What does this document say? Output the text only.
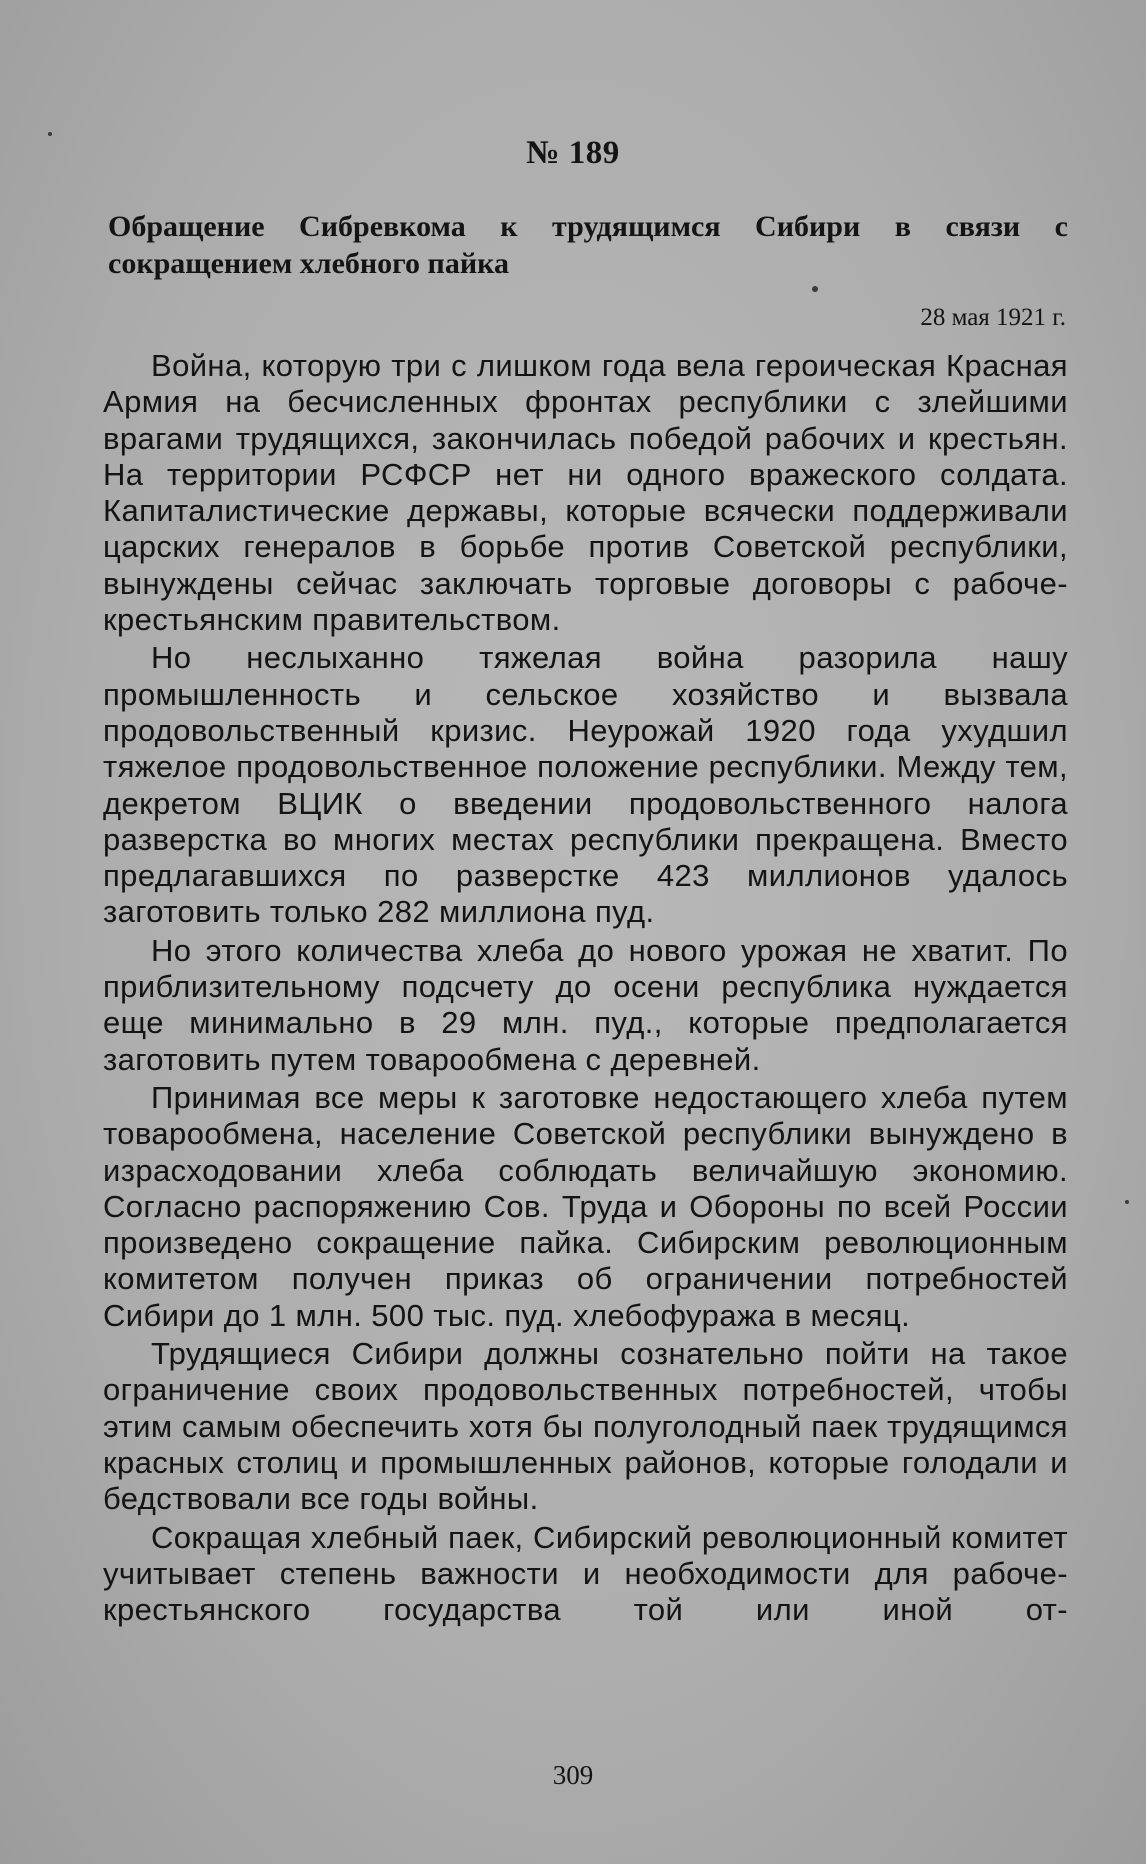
№ 189
Обращение Сибревкома к трудящимся Сибири в связи с сокращением хлебного пайка
28 мая 1921 г.

Война, которую три с лишком года вела героическая Красная Армия на бесчисленных фронтах республики с злейшими врагами трудящихся, закончилась победой рабочих и крестьян. На территории РСФСР нет ни одного вражеского солдата. Капиталистические державы, которые всячески поддерживали царских генералов в борьбе против Советской республики, вынуждены сейчас заключать торговые договоры с рабоче-крестьянским правительством.

Но неслыханно тяжелая война разорила нашу промышленность и сельское хозяйство и вызвала продовольственный кризис. Неурожай 1920 года ухудшил тяжелое продовольственное положение республики. Между тем, декретом ВЦИК о введении продовольственного налога разверстка во многих местах республики прекращена. Вместо предлагавшихся по разверстке 423 миллионов удалось заготовить только 282 миллиона пуд.

Но этого количества хлеба до нового урожая не хватит. По приблизительному подсчету до осени республика нуждается еще минимально в 29 млн. пуд., которые предполагается заготовить путем товарообмена с деревней.

Принимая все меры к заготовке недостающего хлеба путем товарообмена, население Советской республики вынуждено в израсходовании хлеба соблюдать величайшую экономию. Согласно распоряжению Сов. Труда и Обороны по всей России произведено сокращение пайка. Сибирским революционным комитетом получен приказ об ограничении потребностей Сибири до 1 млн. 500 тыс. пуд. хлебофуража в месяц.

Трудящиеся Сибири должны сознательно пойти на такое ограничение своих продовольственных потребностей, чтобы этим самым обеспечить хотя бы полуголодный паек трудящимся красных столиц и промышленных районов, которые голодали и бедствовали все годы войны.

Сокращая хлебный паек, Сибирский революционный комитет учитывает степень важности и необходимости для рабоче-крестьянского государства той или иной от-

309
